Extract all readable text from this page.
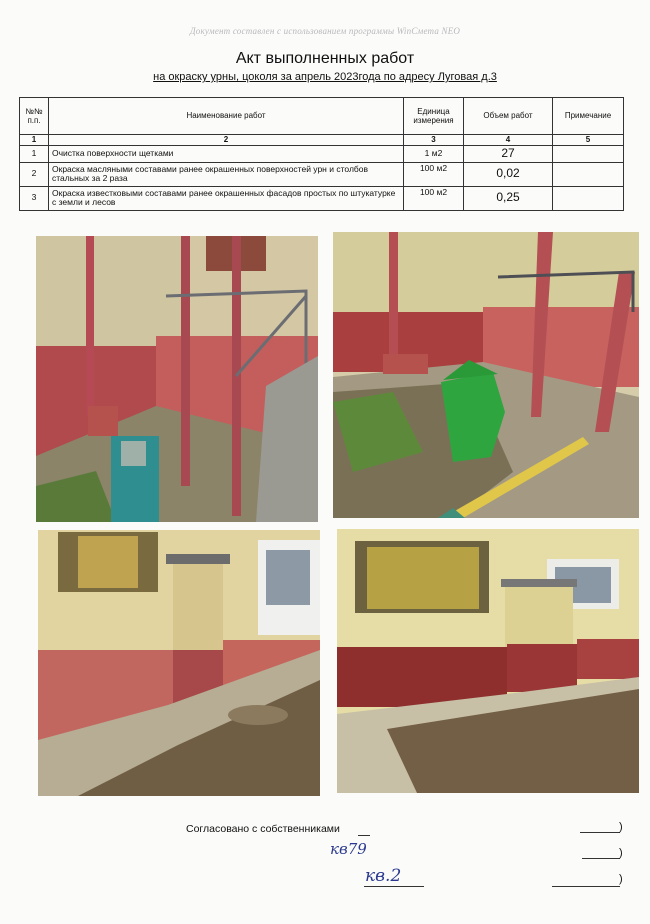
Документ составлен с использованием программы WinСмета NEO
Акт выполненных работ
на окраску урны, цоколя за апрель 2023года по адресу Луговая д.3
№№ п.п.	Наименование работ	Единица измерения	Объем работ	Примечание
1	2	3	4	5
1	Очистка поверхности щетками	1 м2	27	
2	Окраска масляными составами ранее окрашенных поверхностей урн и столбов стальных за 2 раза	100 м2	0,02	
3	Окраска известковыми составами ранее окрашенных фасадов простых по штукатурке с земли и лесов	100 м2	0,25	
Согласовано с собственниками	)
)
)
кв79
кв.2
